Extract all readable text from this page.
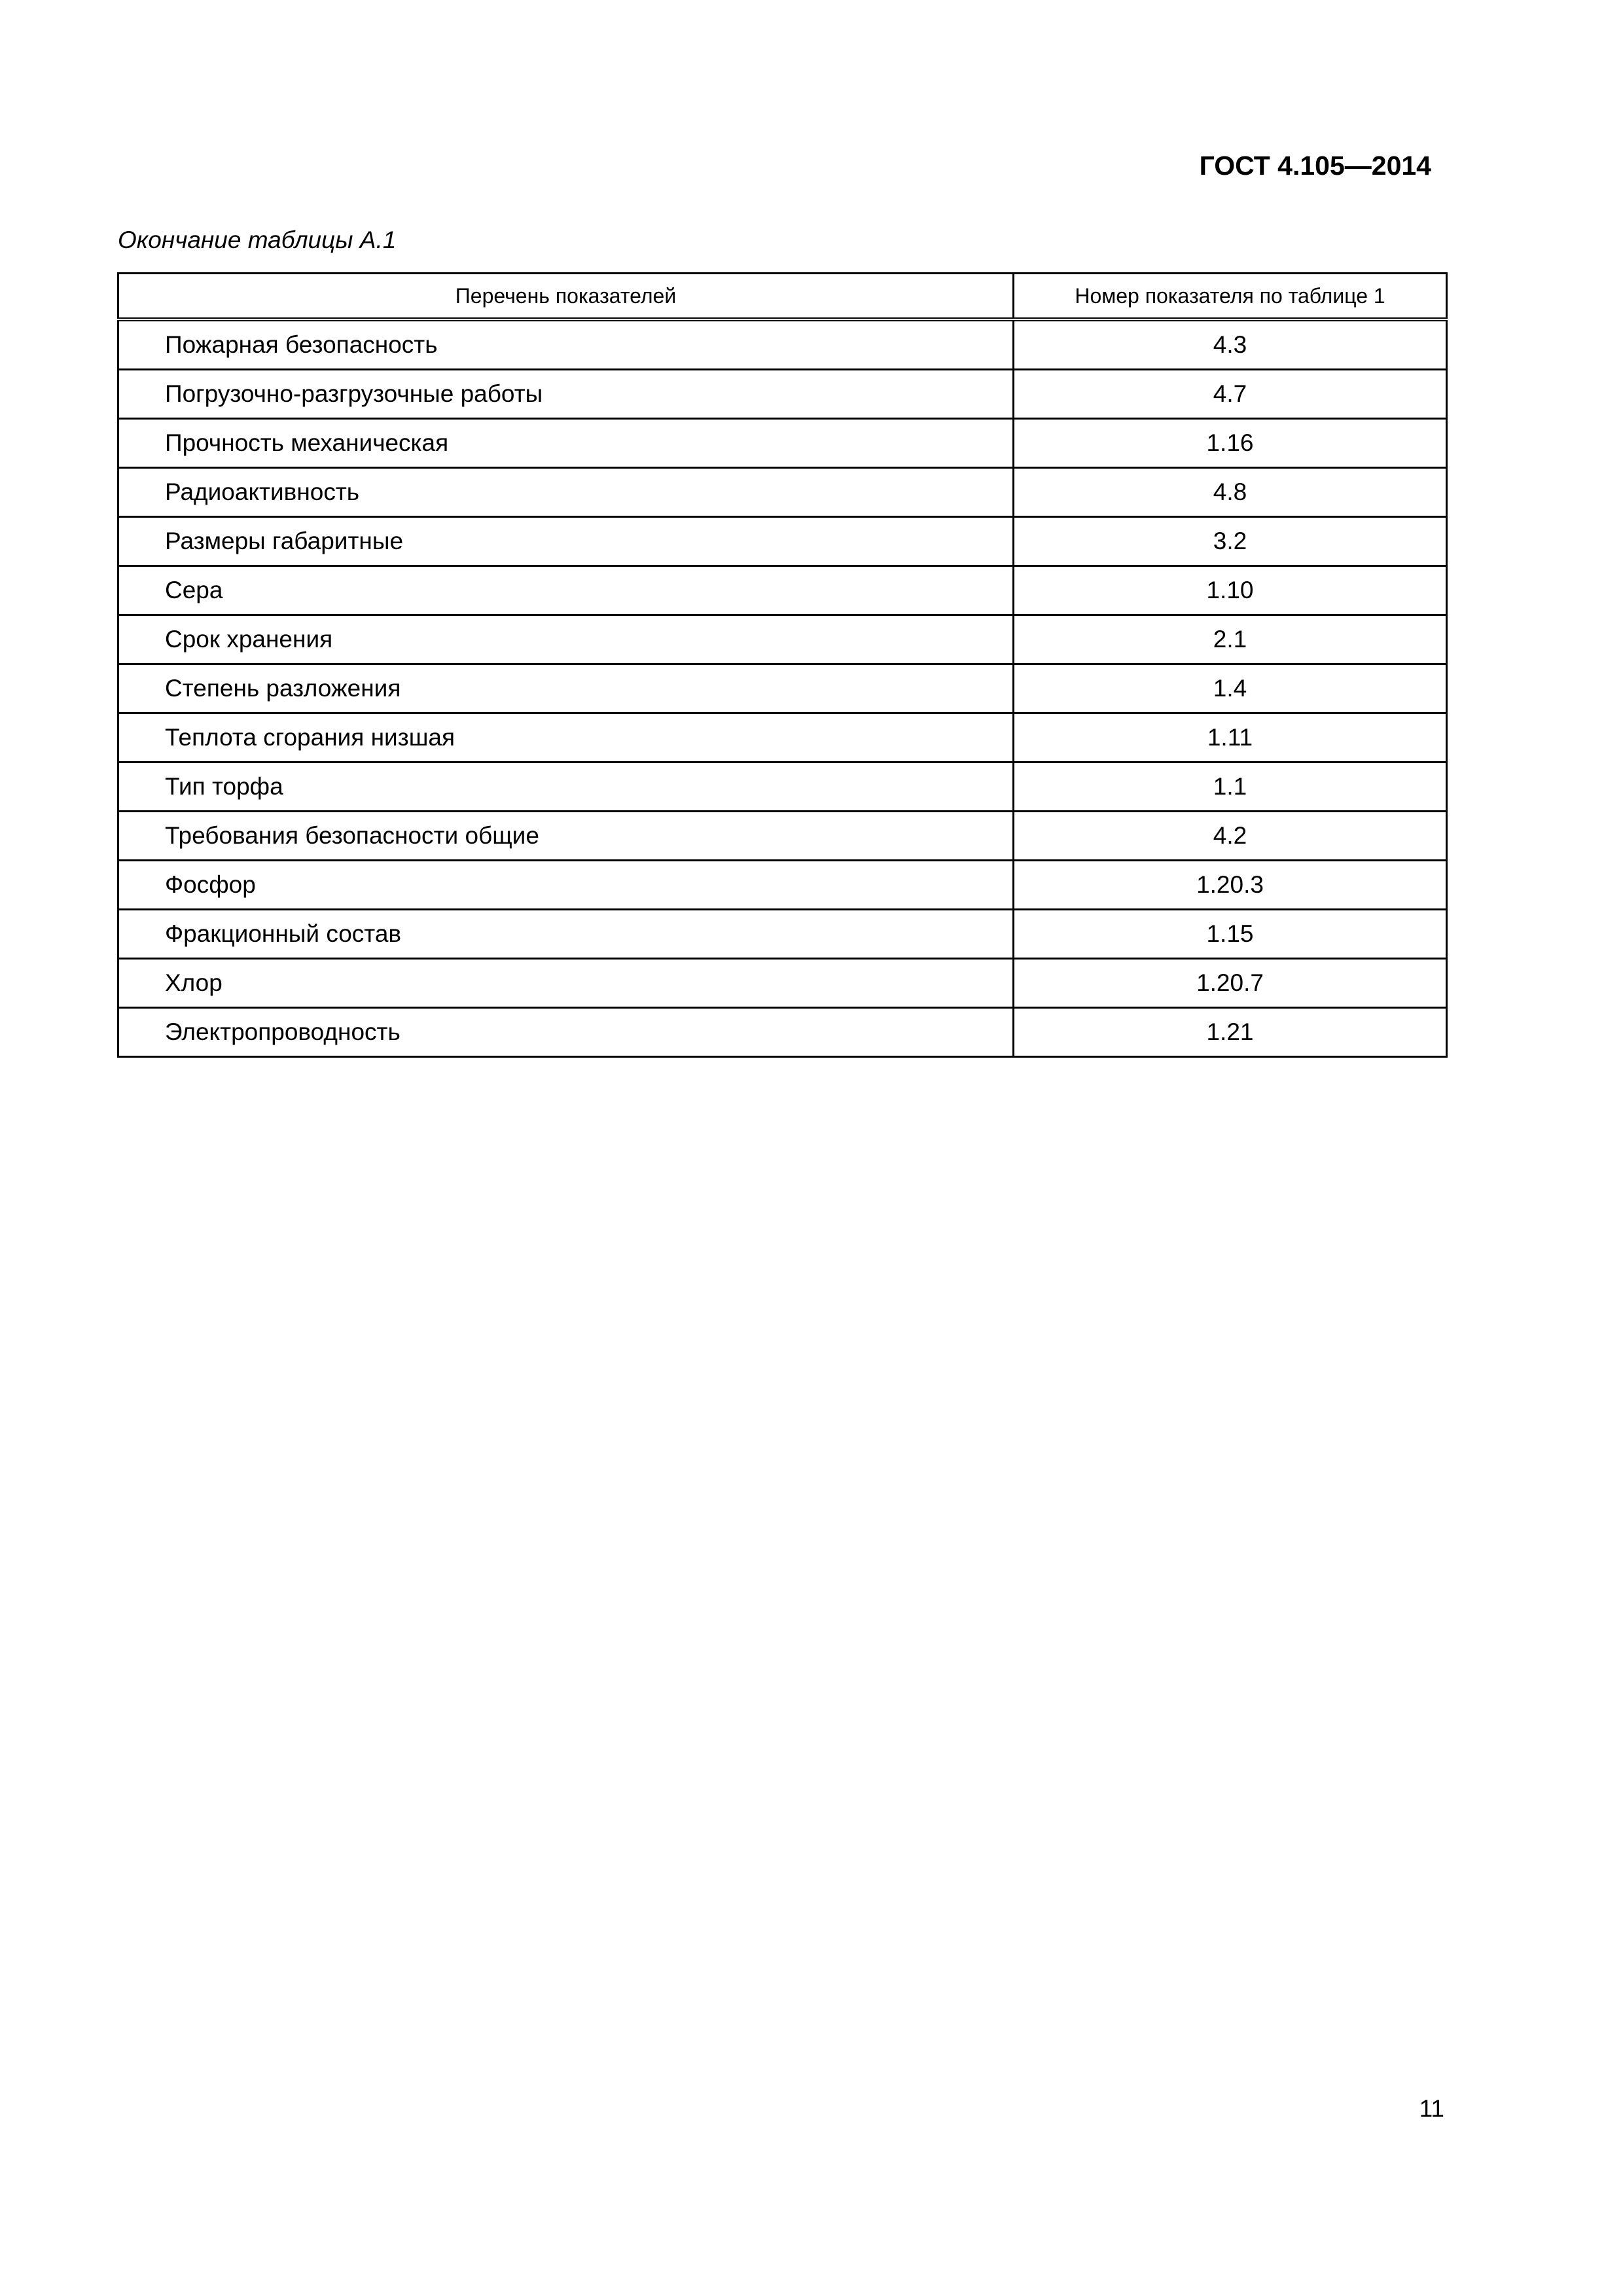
ГОСТ 4.105—2014
Окончание таблицы А.1
Перечень показателей	Номер показателя по таблице 1
Пожарная безопасность	4.3
Погрузочно-разгрузочные работы	4.7
Прочность механическая	1.16
Радиоактивность	4.8
Размеры габаритные	3.2
Сера	1.10
Срок хранения	2.1
Степень разложения	1.4
Теплота сгорания низшая	1.11
Тип торфа	1.1
Требования безопасности общие	4.2
Фосфор	1.20.3
Фракционный состав	1.15
Хлор	1.20.7
Электропроводность	1.21
11
